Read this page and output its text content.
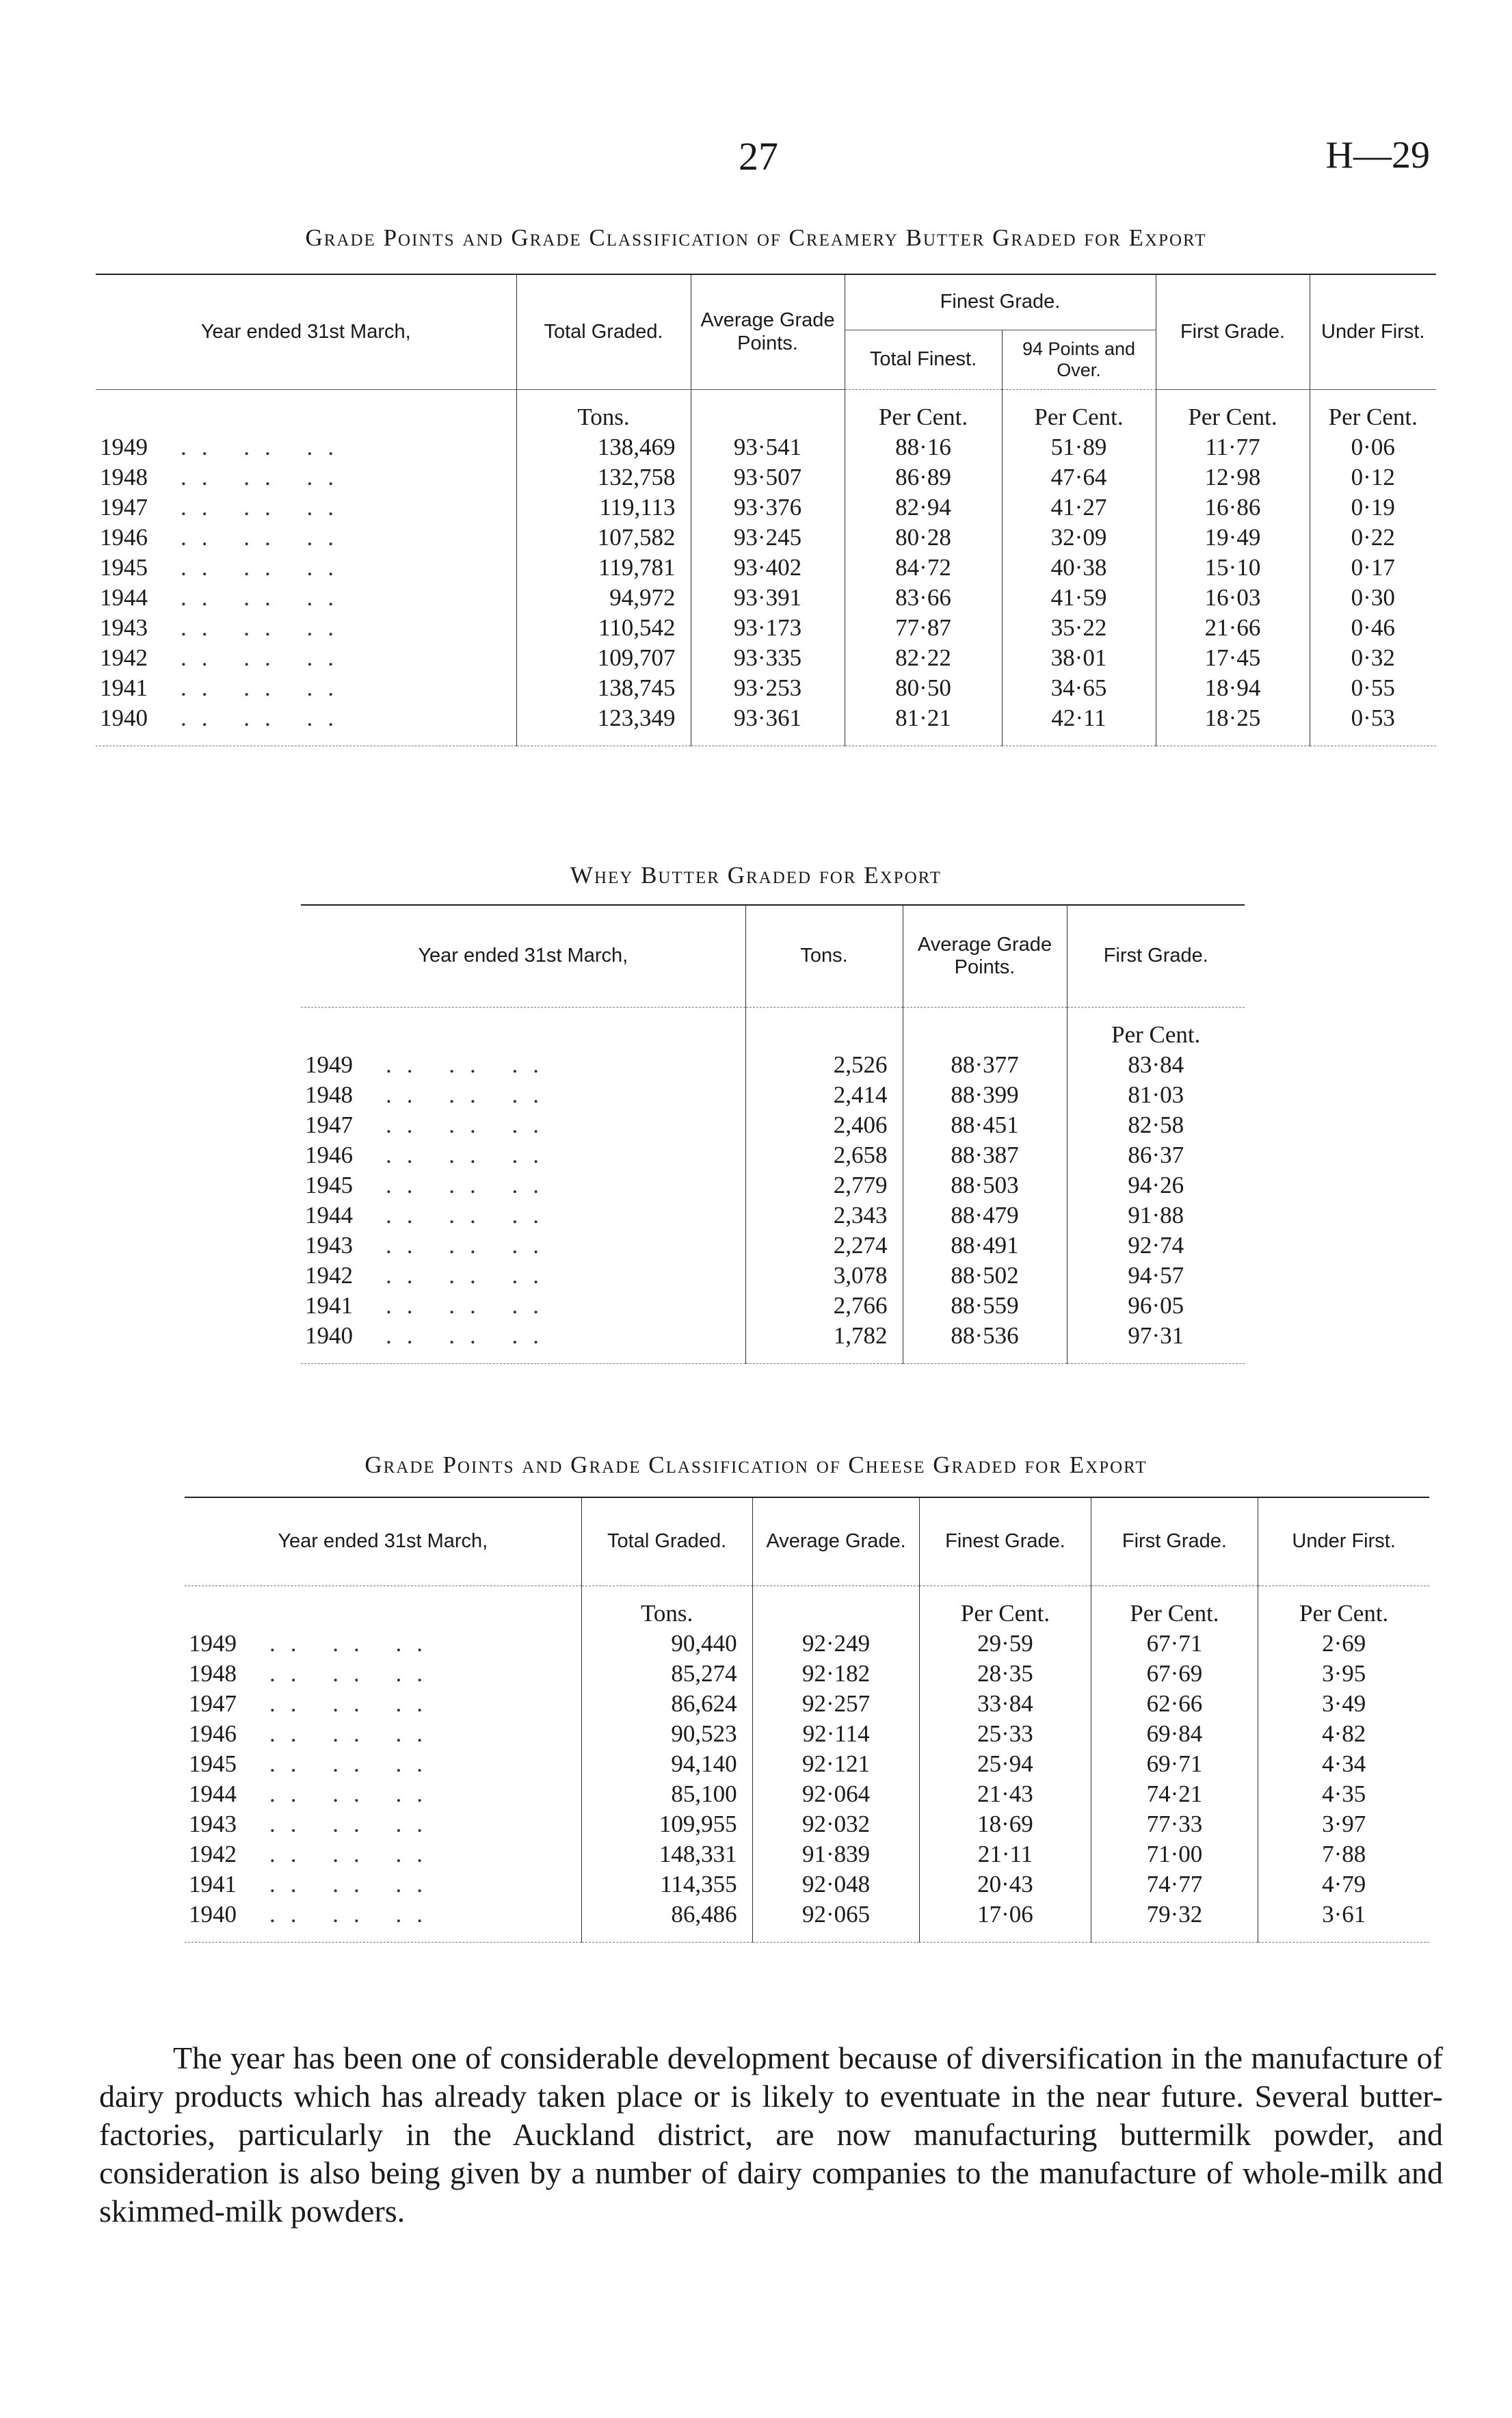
27	H—29
Grade Points and Grade Classification of Creamery Butter Graded for Export
Year ended 31st March,	Total Graded.	Average Grade Points.	Finest Grade.		First Grade.	Under First.
			Total Finest.	94 Points and Over.		
	Tons.		Per Cent.	Per Cent.	Per Cent.	Per Cent.
1949 .. .. ..	138,469	93·541	88·16	51·89	11·77	0·06
1948 .. .. ..	132,758	93·507	86·89	47·64	12·98	0·12
1947 .. .. ..	119,113	93·376	82·94	41·27	16·86	0·19
1946 .. .. ..	107,582	93·245	80·28	32·09	19·49	0·22
1945 .. .. ..	119,781	93·402	84·72	40·38	15·10	0·17
1944 .. .. ..	94,972	93·391	83·66	41·59	16·03	0·30
1943 .. .. ..	110,542	93·173	77·87	35·22	21·66	0·46
1942 .. .. ..	109,707	93·335	82·22	38·01	17·45	0·32
1941 .. .. ..	138,745	93·253	80·50	34·65	18·94	0·55
1940 .. .. ..	123,349	93·361	81·21	42·11	18·25	0·53
Whey Butter Graded for Export
Year ended 31st March,	Tons.	Average Grade Points.	First Grade.
			Per Cent.
1949 .. .. ..	2,526	88·377	83·84
1948 .. .. ..	2,414	88·399	81·03
1947 .. .. ..	2,406	88·451	82·58
1946 .. .. ..	2,658	88·387	86·37
1945 .. .. ..	2,779	88·503	94·26
1944 .. .. ..	2,343	88·479	91·88
1943 .. .. ..	2,274	88·491	92·74
1942 .. .. ..	3,078	88·502	94·57
1941 .. .. ..	2,766	88·559	96·05
1940 .. .. ..	1,782	88·536	97·31
Grade Points and Grade Classification of Cheese Graded for Export
Year ended 31st March,	Total Graded.	Average Grade.	Finest Grade.	First Grade.	Under First.
	Tons.		Per Cent.	Per Cent.	Per Cent.
1949 .. .. ..	90,440	92·249	29·59	67·71	2·69
1948 .. .. ..	85,274	92·182	28·35	67·69	3·95
1947 .. .. ..	86,624	92·257	33·84	62·66	3·49
1946 .. .. ..	90,523	92·114	25·33	69·84	4·82
1945 .. .. ..	94,140	92·121	25·94	69·71	4·34
1944 .. .. ..	85,100	92·064	21·43	74·21	4·35
1943 .. .. ..	109,955	92·032	18·69	77·33	3·97
1942 .. .. ..	148,331	91·839	21·11	71·00	7·88
1941 .. .. ..	114,355	92·048	20·43	74·77	4·79
1940 .. .. ..	86,486	92·065	17·06	79·32	3·61

The year has been one of considerable development because of diversification in the manufacture of dairy products which has already taken place or is likely to eventuate in the near future. Several butter-factories, particularly in the Auckland district, are now manufacturing buttermilk powder, and consideration is also being given by a number of dairy companies to the manufacture of whole-milk and skimmed-milk powders.
